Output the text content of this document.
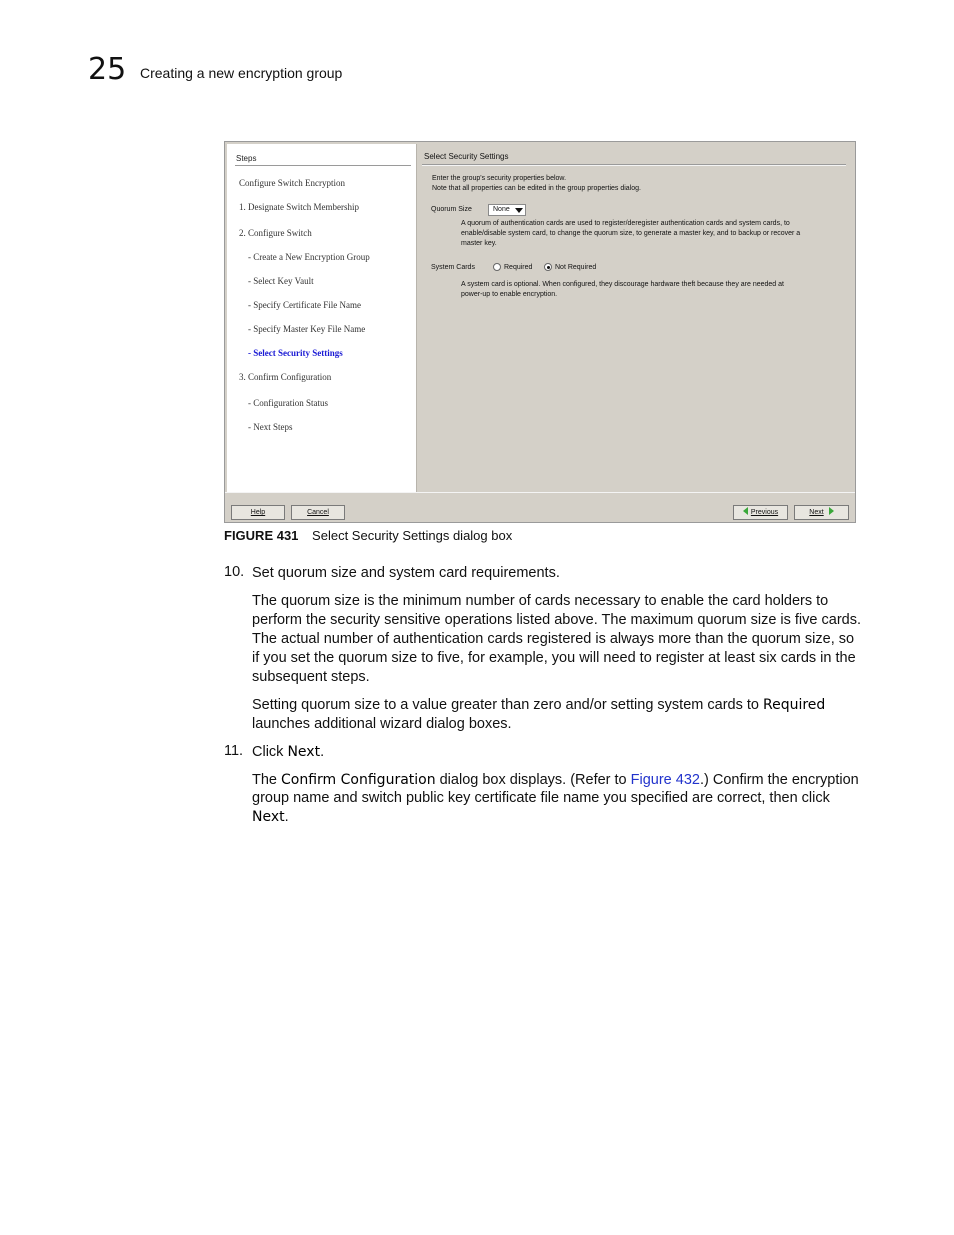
25 Creating a new encryption group
Steps
Configure Switch Encryption
1. Designate Switch Membership
2. Configure Switch
- Create a New Encryption Group
- Select Key Vault
- Specify Certificate File Name
- Specify Master Key File Name
- Select Security Settings
3. Confirm Configuration
- Configuration Status
- Next Steps
Select Security Settings
Enter the group's security properties below.
Note that all properties can be edited in the group properties dialog.
Quorum Size	None
A quorum of authentication cards are used to register/deregister authentication cards and system cards, to
enable/disable system card, to change the quorum size, to generate a master key, and to backup or recover a
master key.
System Cards	Required	Not Required
A system card is optional. When configured, they discourage hardware theft because they are needed at
power-up to enable encryption.
Help	Cancel	Previous	Next
FIGURE 431 Select Security Settings dialog box
10. Set quorum size and system card requirements.
The quorum size is the minimum number of cards necessary to enable the card holders to
perform the security sensitive operations listed above. The maximum quorum size is five cards.
The actual number of authentication cards registered is always more than the quorum size, so
if you set the quorum size to five, for example, you will need to register at least six cards in the
subsequent steps.
Setting quorum size to a value greater than zero and/or setting system cards to Required
launches additional wizard dialog boxes.
11. Click Next.
The Confirm Configuration dialog box displays. (Refer to Figure 432.) Confirm the encryption
group name and switch public key certificate file name you specified are correct, then click
Next.
